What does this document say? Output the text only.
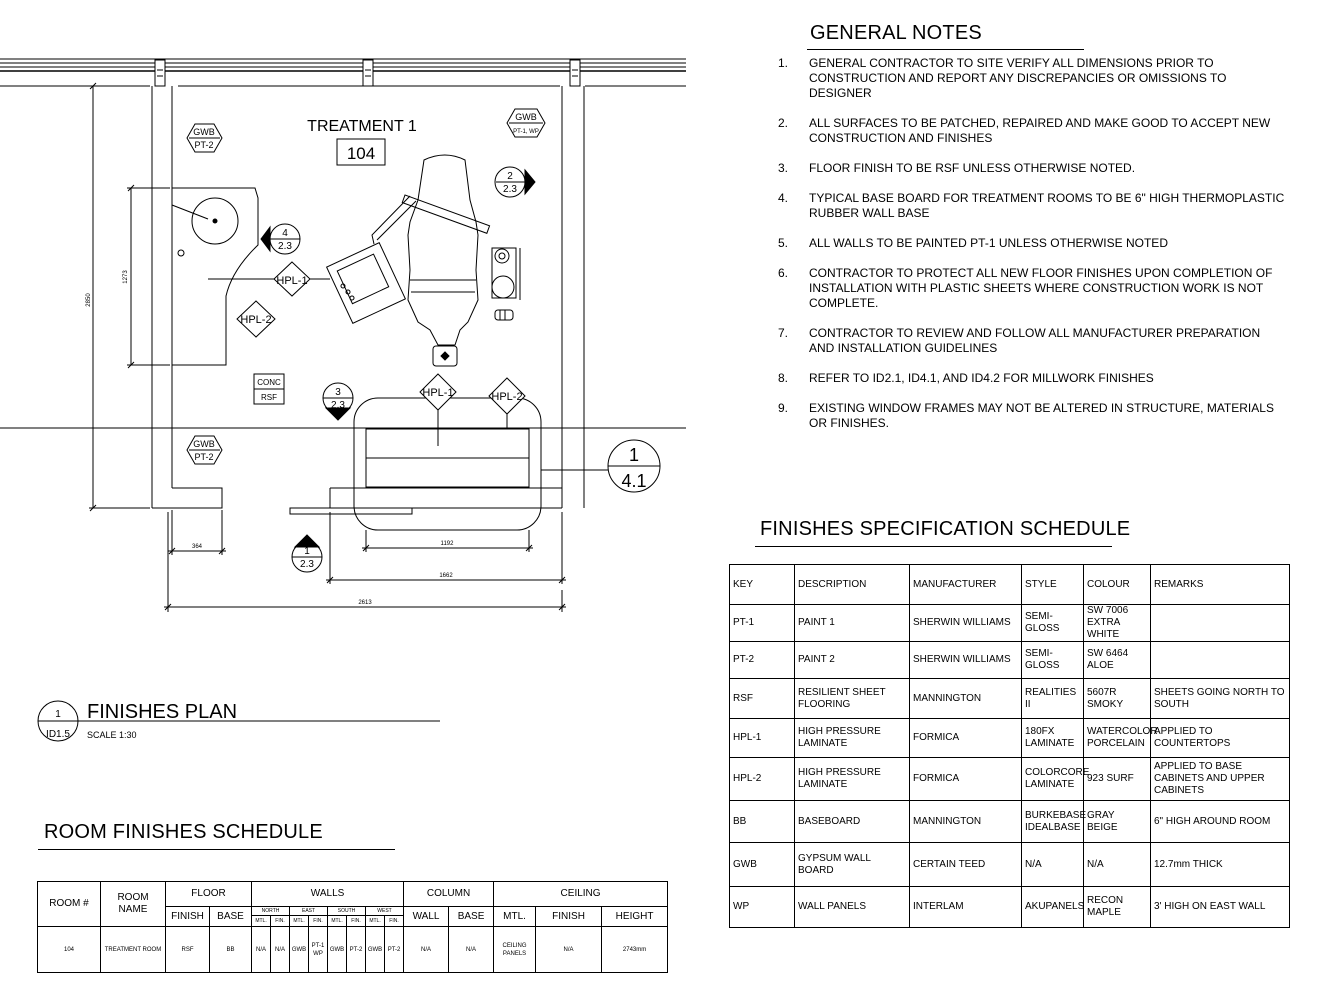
2850
1273
364	1192
1662
2613
TREATMENT 1
104
GWB
PT-2
GWB
PT-1, WP
GWB
PT-2
HPL-1
HPL-2
HPL-1	HPL-2
CONC
RSF
2
2.3
4
2.3
3
2.3
1
2.3
1
4.1
1
ID1.5
FINISHES PLAN
SCALE 1:30
GENERAL NOTES
1. GENERAL CONTRACTOR TO SITE VERIFY ALL DIMENSIONS PRIOR TO CONSTRUCTION AND REPORT ANY DISCREPANCIES OR OMISSIONS TO DESIGNER
2. ALL SURFACES TO BE PATCHED, REPAIRED AND MAKE GOOD TO ACCEPT NEW CONSTRUCTION AND FINISHES
3. FLOOR FINISH TO BE RSF UNLESS OTHERWISE NOTED.
4. TYPICAL BASE BOARD FOR TREATMENT ROOMS TO BE 6" HIGH THERMOPLASTIC RUBBER WALL BASE
5. ALL WALLS TO BE PAINTED PT-1 UNLESS OTHERWISE NOTED
6. CONTRACTOR TO PROTECT ALL NEW FLOOR FINISHES UPON COMPLETION OF INSTALLATION WITH PLASTIC SHEETS WHERE CONSTRUCTION WORK IS NOT COMPLETE.
7. CONTRACTOR TO REVIEW AND FOLLOW ALL MANUFACTURER PREPARATION AND INSTALLATION GUIDELINES
8. REFER TO ID2.1, ID4.1, AND ID4.2 FOR MILLWORK FINISHES
9. EXISTING WINDOW FRAMES MAY NOT BE ALTERED IN STRUCTURE, MATERIALS OR FINISHES.
FINISHES SPECIFICATION SCHEDULE
KEY	DESCRIPTION	MANUFACTURER	STYLE	COLOUR	REMARKS
PT-1	PAINT 1	SHERWIN WILLIAMS	SEMI-GLOSS	SW 7006 EXTRA WHITE	
PT-2	PAINT 2	SHERWIN WILLIAMS	SEMI-GLOSS	SW 6464 ALOE	
RSF	RESILIENT SHEET FLOORING	MANNINGTON	REALITIES II	5607R SMOKY	SHEETS GOING NORTH TO SOUTH
HPL-1	HIGH PRESSURE LAMINATE	FORMICA	180FX LAMINATE	WATERCOLOR PORCELAIN	APPLIED TO COUNTERTOPS
HPL-2	HIGH PRESSURE LAMINATE	FORMICA	COLORCORE LAMINATE	923 SURF	APPLIED TO BASE CABINETS AND UPPER CABINETS
BB	BASEBOARD	MANNINGTON	BURKEBASE IDEALBASE	GRAY BEIGE	6" HIGH AROUND ROOM
GWB	GYPSUM WALL BOARD	CERTAIN TEED	N/A	N/A	12.7mm THICK
WP	WALL PANELS	INTERLAM	AKUPANELS	RECON MAPLE	3' HIGH ON EAST WALL
ROOM FINISHES SCHEDULE
ROOM #	ROOM NAME	FLOOR		WALLS								COLUMN		CEILING		
		FINISH	BASE	NORTH		EAST		SOUTH		WEST		WALL	BASE	MTL.	FINISH	HEIGHT
				MTL.	FIN.	MTL.	FIN.	MTL.	FIN.	MTL.	FIN.					
104	TREATMENT ROOM	RSF	BB	N/A	N/A	GWB	PT-1 WP	GWB	PT-2	GWB	PT-2	N/A	N/A	CEILING PANELS	N/A	2743mm
